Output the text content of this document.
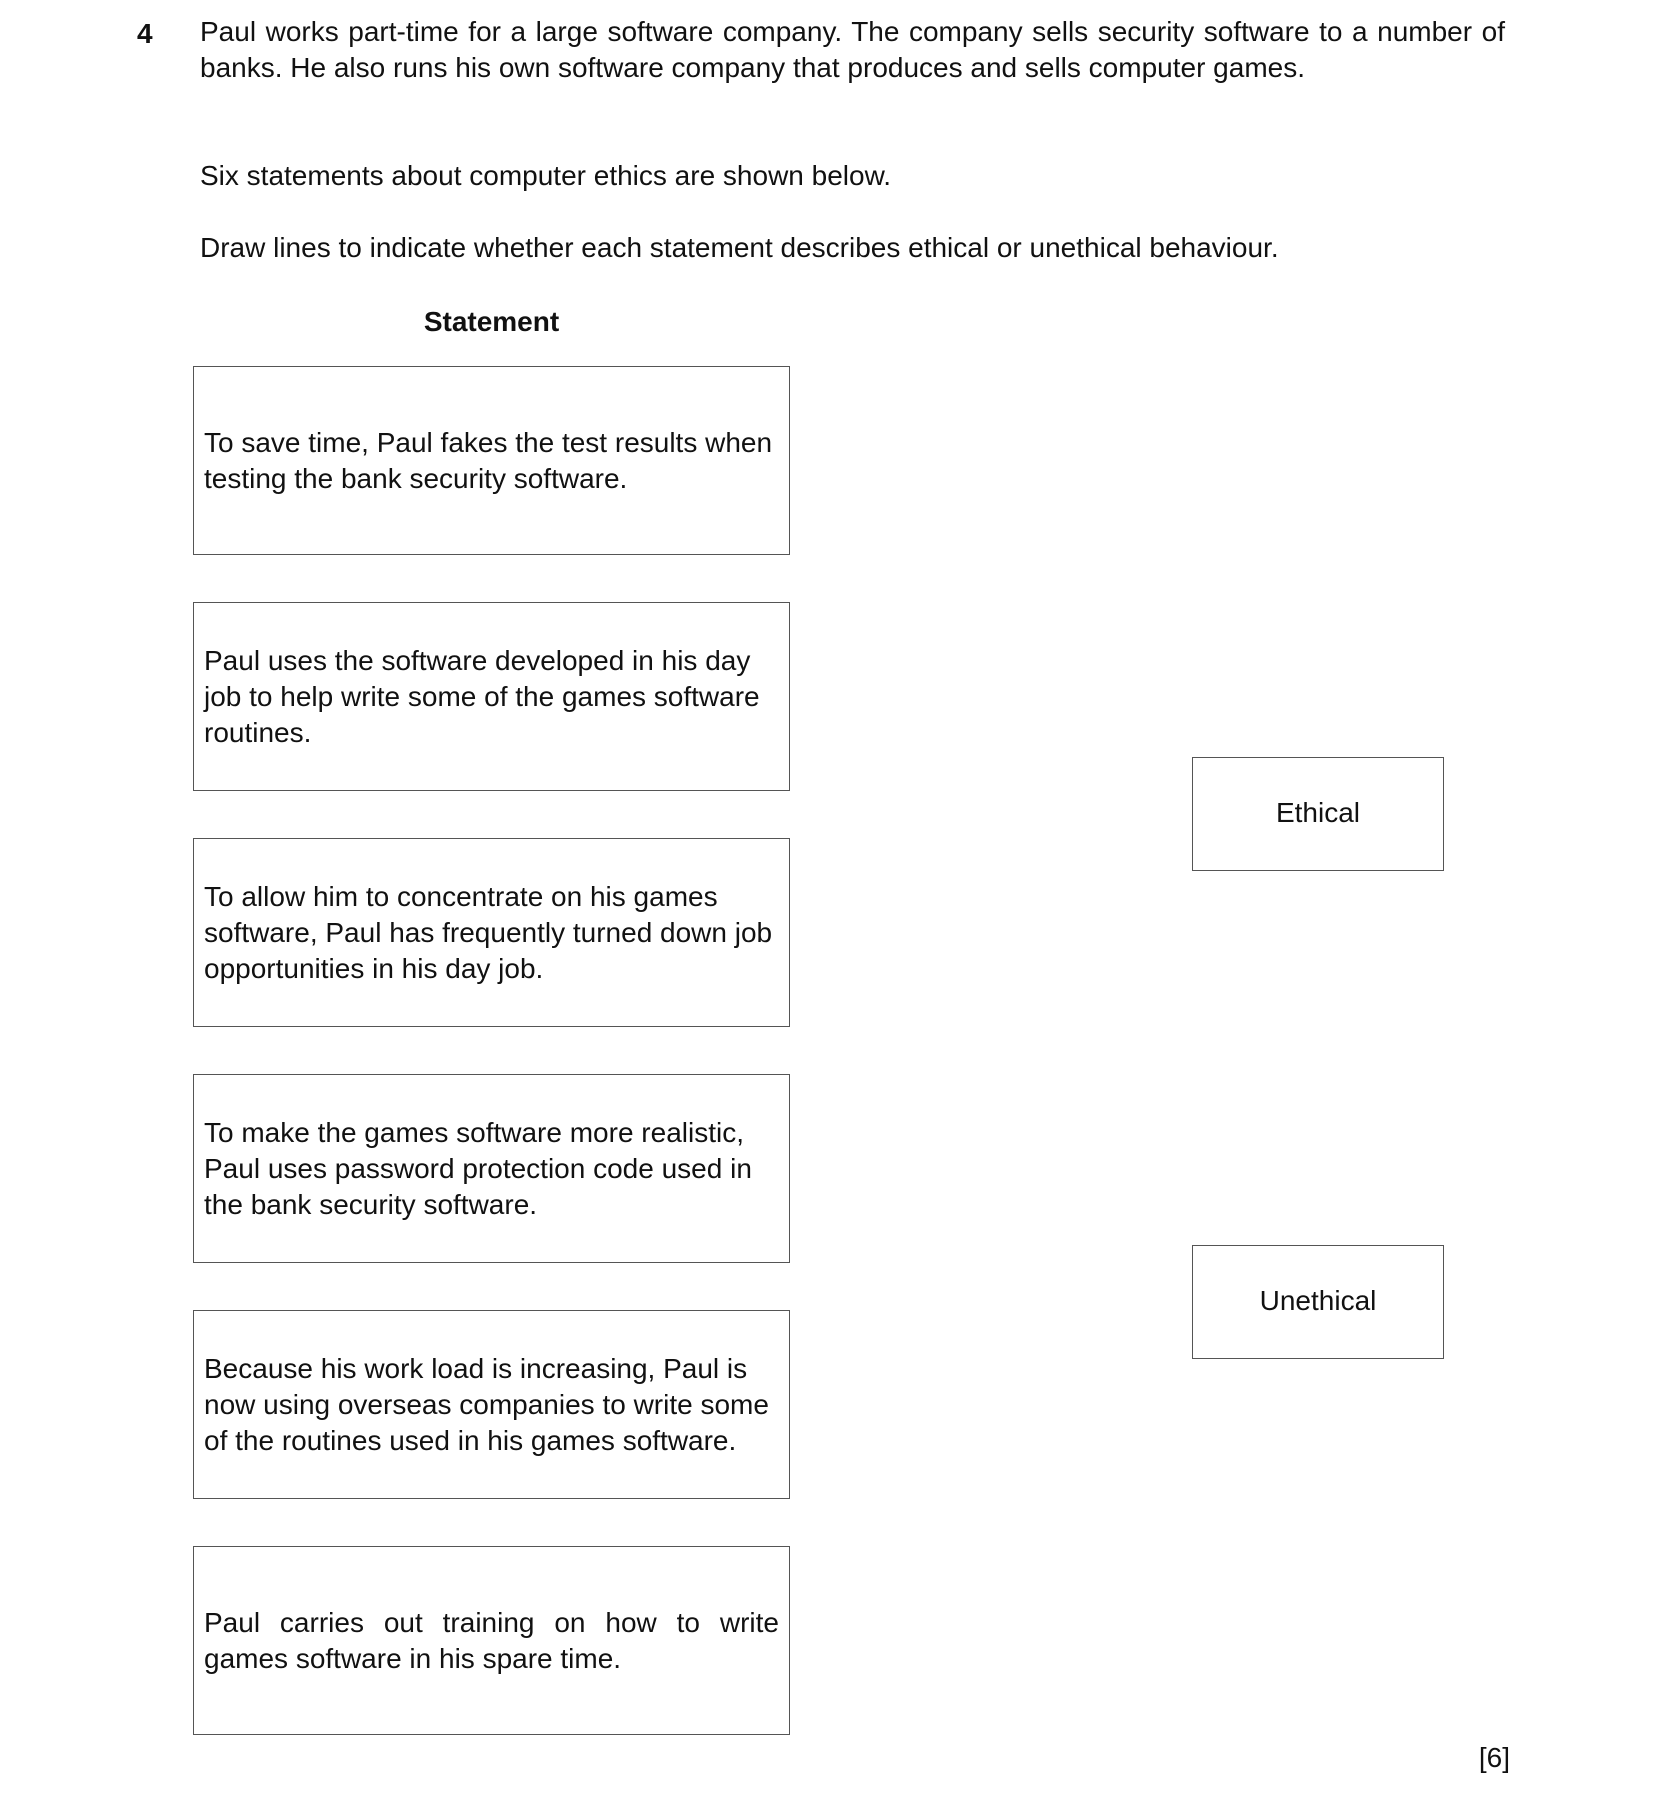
4 Paul works part-time for a large software company. The company sells security software to a number of banks. He also runs his own software company that produces and sells computer games.

Six statements about computer ethics are shown below.

Draw lines to indicate whether each statement describes ethical or unethical behaviour.

Statement

To save time, Paul fakes the test results when testing the bank security software.

Paul uses the software developed in his day job to help write some of the games software routines.

To allow him to concentrate on his games software, Paul has frequently turned down job opportunities in his day job.

To make the games software more realistic, Paul uses password protection code used in the bank security software.

Because his work load is increasing, Paul is now using overseas companies to write some of the routines used in his games software.

Paul carries out training on how to write games software in his spare time.

Ethical
Unethical
[6]
